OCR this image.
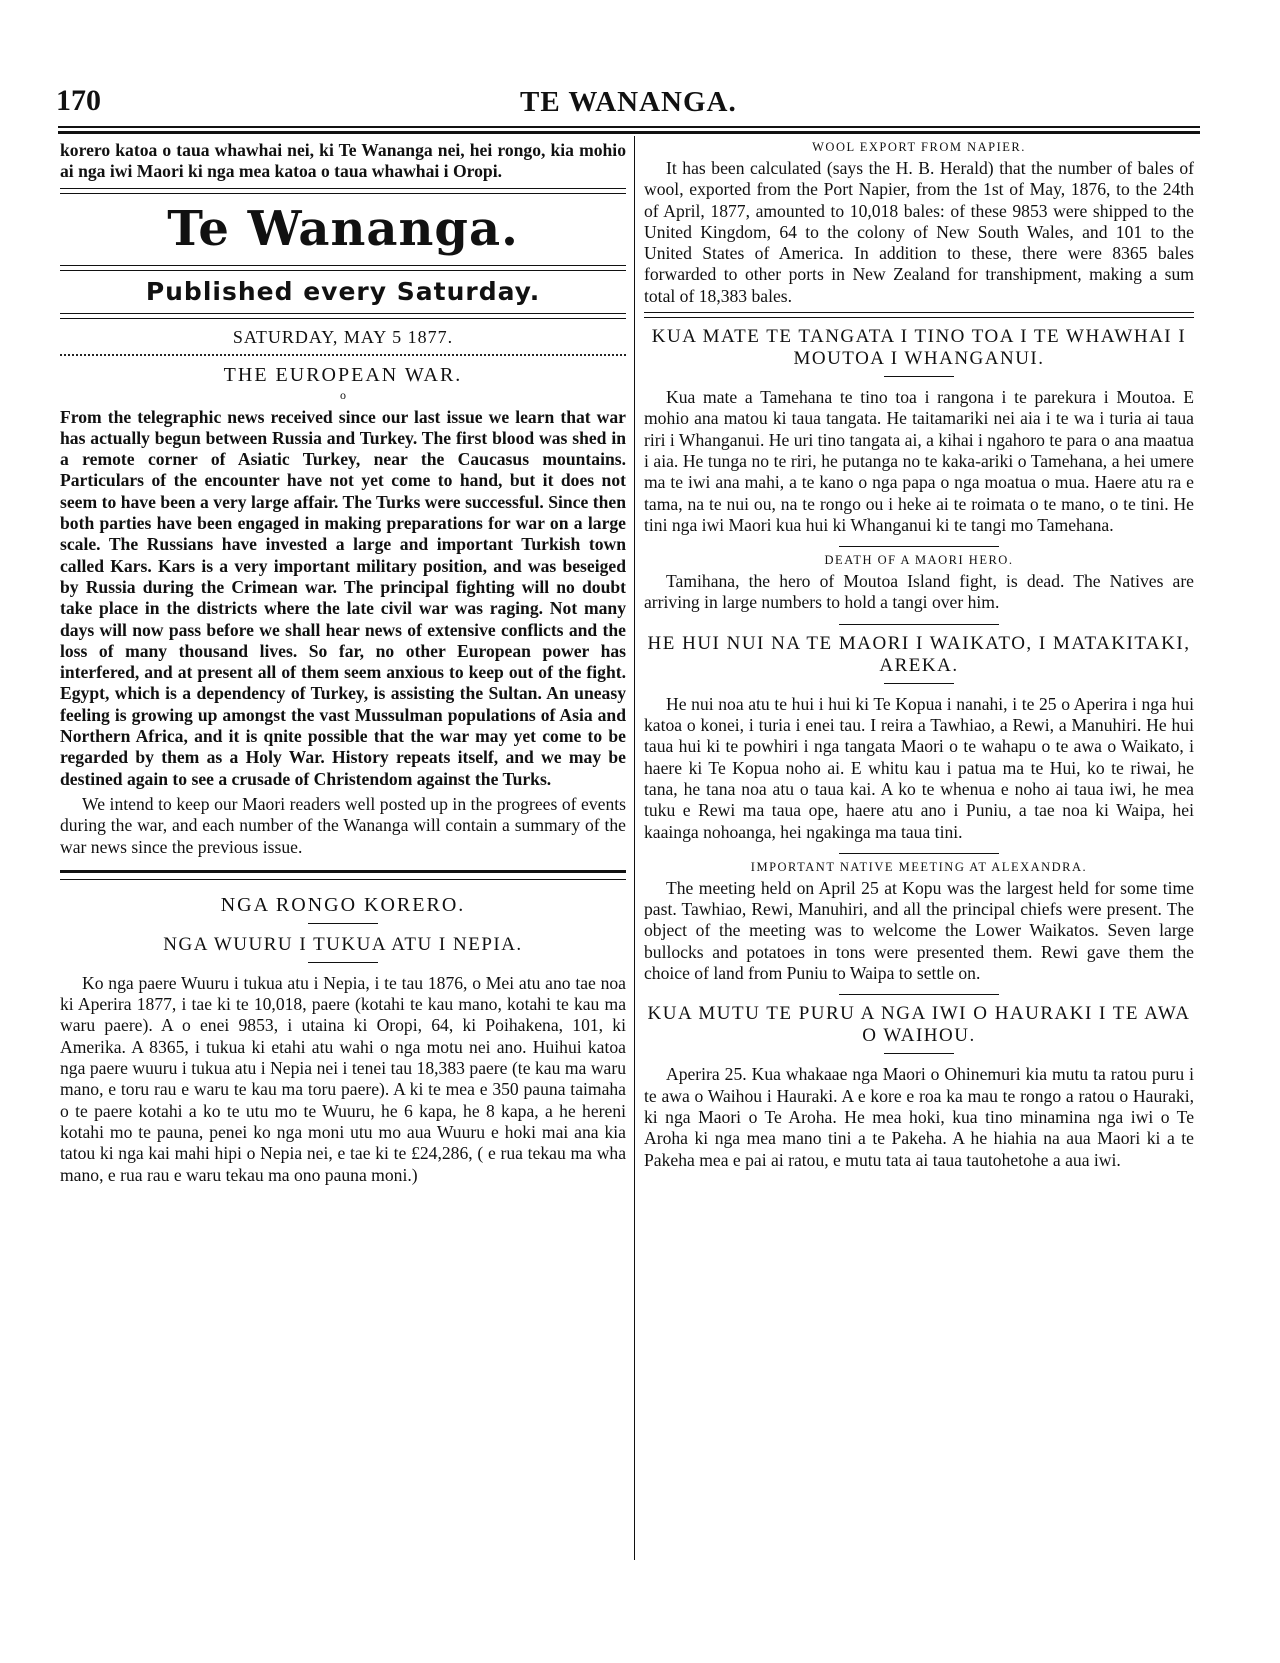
170	TE WANANGA.

korero katoa o taua whawhai nei, ki Te Wananga nei, hei rongo, kia mohio ai nga iwi Maori ki nga mea katoa o taua whawhai i Oropi.

Te Wananga.
Published every Saturday.
SATURDAY, MAY 5 1877.
THE EUROPEAN WAR.
o

From the telegraphic news received since our last issue we learn that war has actually begun between Russia and Turkey. The first blood was shed in a remote corner of Asiatic Turkey, near the Caucasus mountains. Particulars of the encounter have not yet come to hand, but it does not seem to have been a very large affair. The Turks were successful. Since then both parties have been engaged in making preparations for war on a large scale. The Russians have invested a large and important Turkish town called Kars. Kars is a very important military position, and was beseiged by Russia during the Crimean war. The principal fighting will no doubt take place in the districts where the late civil war was raging. Not many days will now pass before we shall hear news of extensive conflicts and the loss of many thousand lives. So far, no other European power has interfered, and at present all of them seem anxious to keep out of the fight. Egypt, which is a dependency of Turkey, is assisting the Sultan. An uneasy feeling is growing up amongst the vast Mussulman populations of Asia and Northern Africa, and it is qnite possible that the war may yet come to be regarded by them as a Holy War. History repeats itself, and we may be destined again to see a crusade of Christendom against the Turks.

We intend to keep our Maori readers well posted up in the progrees of events during the war, and each number of the Wananga will contain a summary of the war news since the previous issue.

NGA RONGO KORERO.
NGA WUURU I TUKUA ATU I NEPIA.

Ko nga paere Wuuru i tukua atu i Nepia, i te tau 1876, o Mei atu ano tae noa ki Aperira 1877, i tae ki te 10,018, paere (kotahi te kau mano, kotahi te kau ma waru paere). A o enei 9853, i utaina ki Oropi, 64, ki Poihakena, 101, ki Amerika. A 8365, i tukua ki etahi atu wahi o nga motu nei ano. Huihui katoa nga paere wuuru i tukua atu i Nepia nei i tenei tau 18,383 paere (te kau ma waru mano, e toru rau e waru te kau ma toru paere). A ki te mea e 350 pauna taimaha o te paere kotahi a ko te utu mo te Wuuru, he 6 kapa, he 8 kapa, a he hereni kotahi mo te pauna, penei ko nga moni utu mo aua Wuuru e hoki mai ana kia tatou ki nga kai mahi hipi o Nepia nei, e tae ki te £24,286, ( e rua tekau ma wha mano, e rua rau e waru tekau ma ono pauna moni.)

WOOL EXPORT FROM NAPIER.

It has been calculated (says the H. B. Herald) that the number of bales of wool, exported from the Port Napier, from the 1st of May, 1876, to the 24th of April, 1877, amounted to 10,018 bales: of these 9853 were shipped to the United Kingdom, 64 to the colony of New South Wales, and 101 to the United States of America. In addition to these, there were 8365 bales forwarded to other ports in New Zealand for transhipment, making a sum total of 18,383 bales.

KUA MATE TE TANGATA I TINO TOA I TE WHAWHAI I MOUTOA I WHANGANUI.

Kua mate a Tamehana te tino toa i rangona i te parekura i Moutoa. E mohio ana matou ki taua tangata. He taitamariki nei aia i te wa i turia ai taua riri i Whanganui. He uri tino tangata ai, a kihai i ngahoro te para o ana maatua i aia. He tunga no te riri, he putanga no te kaka-ariki o Tamehana, a hei umere ma te iwi ana mahi, a te kano o nga papa o nga moatua o mua. Haere atu ra e tama, na te nui ou, na te rongo ou i heke ai te roimata o te mano, o te tini. He tini nga iwi Maori kua hui ki Whanganui ki te tangi mo Tamehana.

DEATH OF A MAORI HERO.

Tamihana, the hero of Moutoa Island fight, is dead. The Natives are arriving in large numbers to hold a tangi over him.

HE HUI NUI NA TE MAORI I WAIKATO, I MATAKITAKI, AREKA.

He nui noa atu te hui i hui ki Te Kopua i nanahi, i te 25 o Aperira i nga hui katoa o konei, i turia i enei tau. I reira a Tawhiao, a Rewi, a Manuhiri. He hui taua hui ki te powhiri i nga tangata Maori o te wahapu o te awa o Waikato, i haere ki Te Kopua noho ai. E whitu kau i patua ma te Hui, ko te riwai, he tana, he tana noa atu o taua kai. A ko te whenua e noho ai taua iwi, he mea tuku e Rewi ma taua ope, haere atu ano i Puniu, a tae noa ki Waipa, hei kaainga nohoanga, hei ngakinga ma taua tini.

IMPORTANT NATIVE MEETING AT ALEXANDRA.

The meeting held on April 25 at Kopu was the largest held for some time past. Tawhiao, Rewi, Manuhiri, and all the principal chiefs were present. The object of the meeting was to welcome the Lower Waikatos. Seven large bullocks and potatoes in tons were presented them. Rewi gave them the choice of land from Puniu to Waipa to settle on.

KUA MUTU TE PURU A NGA IWI O HAURAKI I TE AWA O WAIHOU.

Aperira 25. Kua whakaae nga Maori o Ohinemuri kia mutu ta ratou puru i te awa o Waihou i Hauraki. A e kore e roa ka mau te rongo a ratou o Hauraki, ki nga Maori o Te Aroha. He mea hoki, kua tino minamina nga iwi o Te Aroha ki nga mea mano tini a te Pakeha. A he hiahia na aua Maori ki a te Pakeha mea e pai ai ratou, e mutu tata ai taua tautohetohe a aua iwi.
